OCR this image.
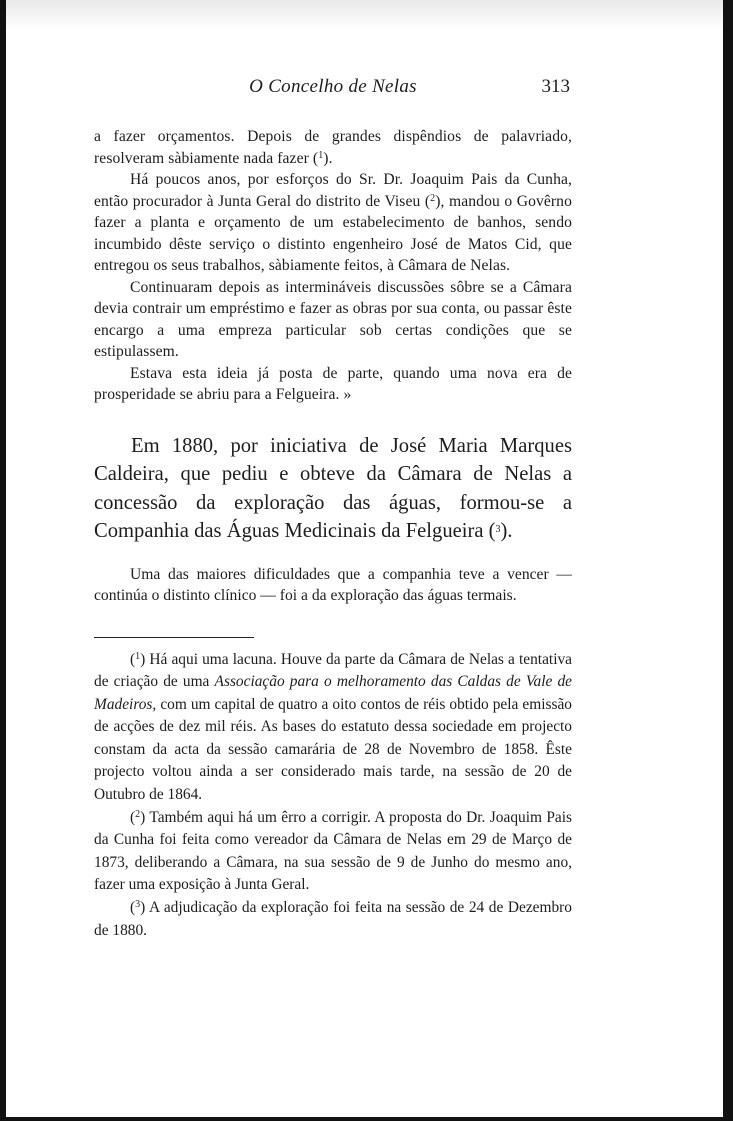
O Concelho de Nelas	313

a fazer orçamentos. Depois de grandes dispêndios de palavriado, resolveram sàbiamente nada fazer ($^1$).

Há poucos anos, por esforços do Sr. Dr. Joaquim Pais da Cunha, então procurador à Junta Geral do distrito de Viseu ($^2$), mandou o Govêrno fazer a planta e orçamento de um estabelecimento de banhos, sendo incumbido dêste serviço o distinto engenheiro José de Matos Cid, que entregou os seus trabalhos, sàbiamente feitos, à Câmara de Nelas.

Continuaram depois as intermináveis discussões sôbre se a Câmara devia contrair um empréstimo e fazer as obras por sua conta, ou passar êste encargo a uma empreza particular sob certas condições que se estipulassem.

Estava esta ideia já posta de parte, quando uma nova era de prosperidade se abriu para a Felgueira. »

Em 1880, por iniciativa de José Maria Marques Caldeira, que pediu e obteve da Câmara de Nelas a concessão da exploração das águas, formou-se a Companhia das Águas Medicinais da Felgueira ($^3$).

Uma das maiores dificuldades que a companhia teve a vencer — continúa o distinto clínico — foi a da exploração das águas termais.

($^1$) Há aqui uma lacuna. Houve da parte da Câmara de Nelas a tentativa de criação de uma Associação para o melhoramento das Caldas de Vale de Madeiros, com um capital de quatro a oito contos de réis obtido pela emissão de acções de dez mil réis. As bases do estatuto dessa sociedade em projecto constam da acta da sessão camarária de 28 de Novembro de 1858. Êste projecto voltou ainda a ser considerado mais tarde, na sessão de 20 de Outubro de 1864.

($^2$) Também aqui há um êrro a corrigir. A proposta do Dr. Joaquim Pais da Cunha foi feita como vereador da Câmara de Nelas em 29 de Março de 1873, deliberando a Câmara, na sua sessão de 9 de Junho do mesmo ano, fazer uma exposição à Junta Geral.

($^3$) A adjudicação da exploração foi feita na sessão de 24 de Dezembro de 1880.
